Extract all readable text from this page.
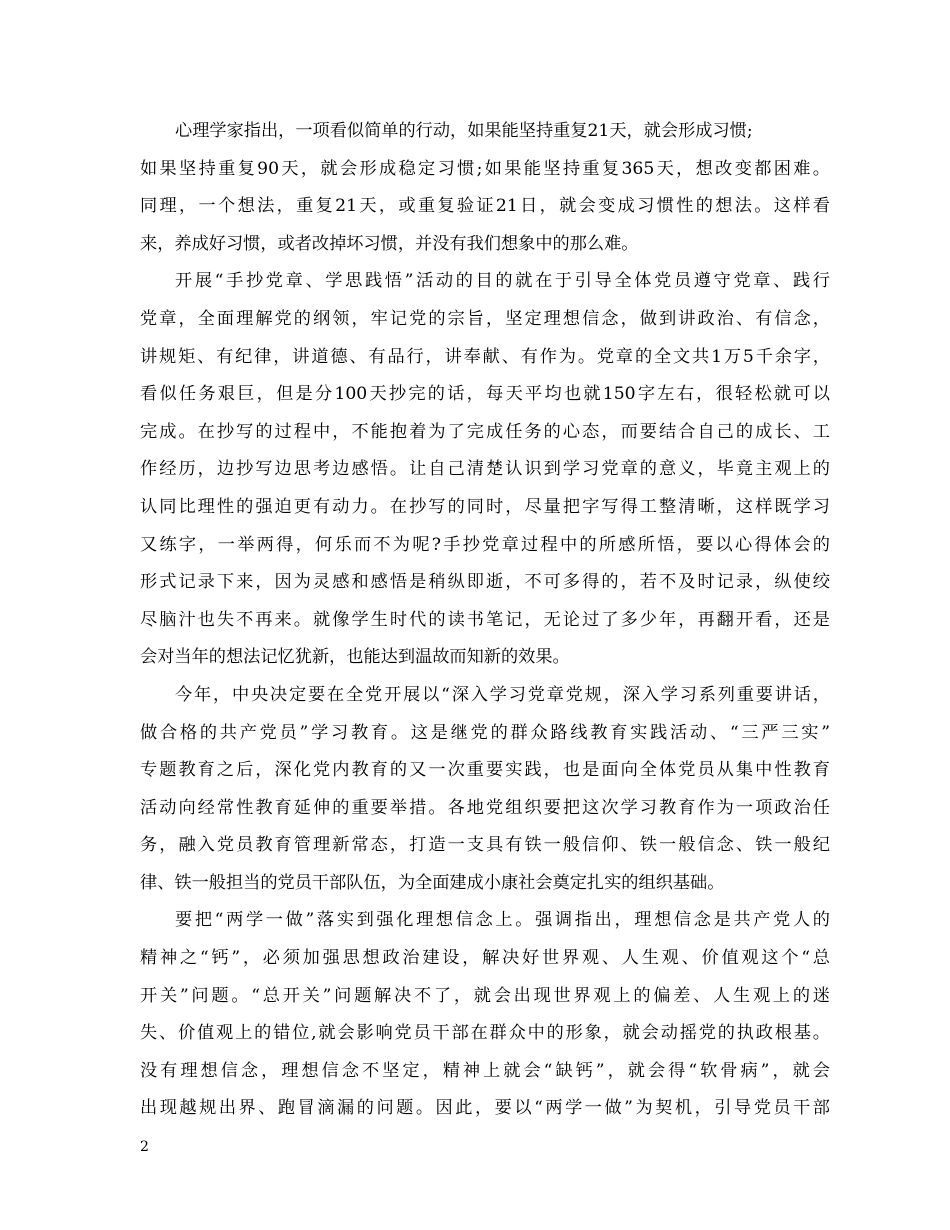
心理学家指出，一项看似简单的行动，如果能坚持重复21天，就会形成习惯;
如果坚持重复90天，就会形成稳定习惯;如果能坚持重复365天，想改变都困难。
同理，一个想法，重复21天，或重复验证21日，就会变成习惯性的想法。这样看
来，养成好习惯，或者改掉坏习惯，并没有我们想象中的那么难。
开展“手抄党章、学思践悟”活动的目的就在于引导全体党员遵守党章、践行
党章，全面理解党的纲领，牢记党的宗旨，坚定理想信念，做到讲政治、有信念，
讲规矩、有纪律，讲道德、有品行，讲奉献、有作为。党章的全文共1万5千余字，
看似任务艰巨，但是分100天抄完的话，每天平均也就150字左右，很轻松就可以
完成。在抄写的过程中，不能抱着为了完成任务的心态，而要结合自己的成长、工
作经历，边抄写边思考边感悟。让自己清楚认识到学习党章的意义，毕竟主观上的
认同比理性的强迫更有动力。在抄写的同时，尽量把字写得工整清晰，这样既学习
又练字，一举两得，何乐而不为呢?手抄党章过程中的所感所悟，要以心得体会的
形式记录下来，因为灵感和感悟是稍纵即逝，不可多得的，若不及时记录，纵使绞
尽脑汁也失不再来。就像学生时代的读书笔记，无论过了多少年，再翻开看，还是
会对当年的想法记忆犹新，也能达到温故而知新的效果。
今年，中央决定要在全党开展以“深入学习党章党规，深入学习系列重要讲话，
做合格的共产党员”学习教育。这是继党的群众路线教育实践活动、“三严三实”
专题教育之后，深化党内教育的又一次重要实践，也是面向全体党员从集中性教育
活动向经常性教育延伸的重要举措。各地党组织要把这次学习教育作为一项政治任
务，融入党员教育管理新常态，打造一支具有铁一般信仰、铁一般信念、铁一般纪
律、铁一般担当的党员干部队伍，为全面建成小康社会奠定扎实的组织基础。
要把“两学一做”落实到强化理想信念上。强调指出，理想信念是共产党人的
精神之“钙”，必须加强思想政治建设，解决好世界观、人生观、价值观这个“总
开关”问题。“总开关”问题解决不了，就会出现世界观上的偏差、人生观上的迷
失、价值观上的错位,就会影响党员干部在群众中的形象，就会动摇党的执政根基。
没有理想信念，理想信念不坚定，精神上就会“缺钙”，就会得“软骨病”，就会
出现越规出界、跑冒滴漏的问题。因此，要以“两学一做”为契机，引导党员干部
2
